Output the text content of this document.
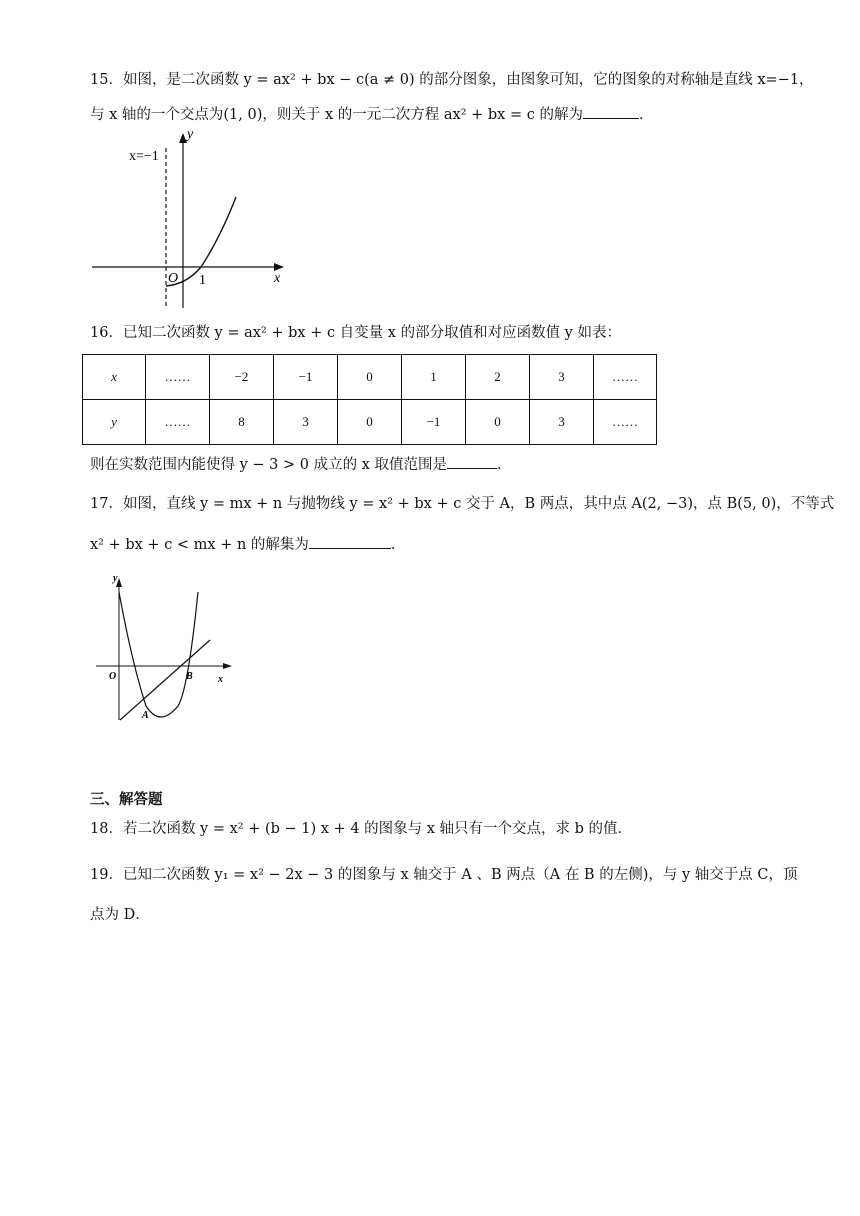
15．如图，是二次函数 y = ax² + bx − c(a ≠ 0) 的部分图象，由图象可知，它的图象的对称轴是直线 x=−1，
与 x 轴的一个交点为(1, 0)，则关于 x 的一元二次方程 ax² + bx = c 的解为	．
x=−1
y
x
O 1
16．已知二次函数 y = ax² + bx + c 自变量 x 的部分取值和对应函数值 y 如表：
x	……	−2	−1	0	1	2	3	……
y	……	8	3	0	−1	0	3	……
则在实数范围内能使得 y − 3 > 0 成立的 x 取值范围是	．
17．如图，直线 y = mx + n 与抛物线 y = x² + bx + c 交于 A，B 两点，其中点 A(2, −3)，点 B(5, 0)，不等式
x² + bx + c < mx + n 的解集为	．
y
x
O	B
A
三、解答题
18．若二次函数 y = x² + (b − 1) x + 4 的图象与 x 轴只有一个交点，求 b 的值．
19．已知二次函数 y₁ = x² − 2x − 3 的图象与 x 轴交于 A 、B 两点（A 在 B 的左侧)，与 y 轴交于点 C，顶
点为 D．
